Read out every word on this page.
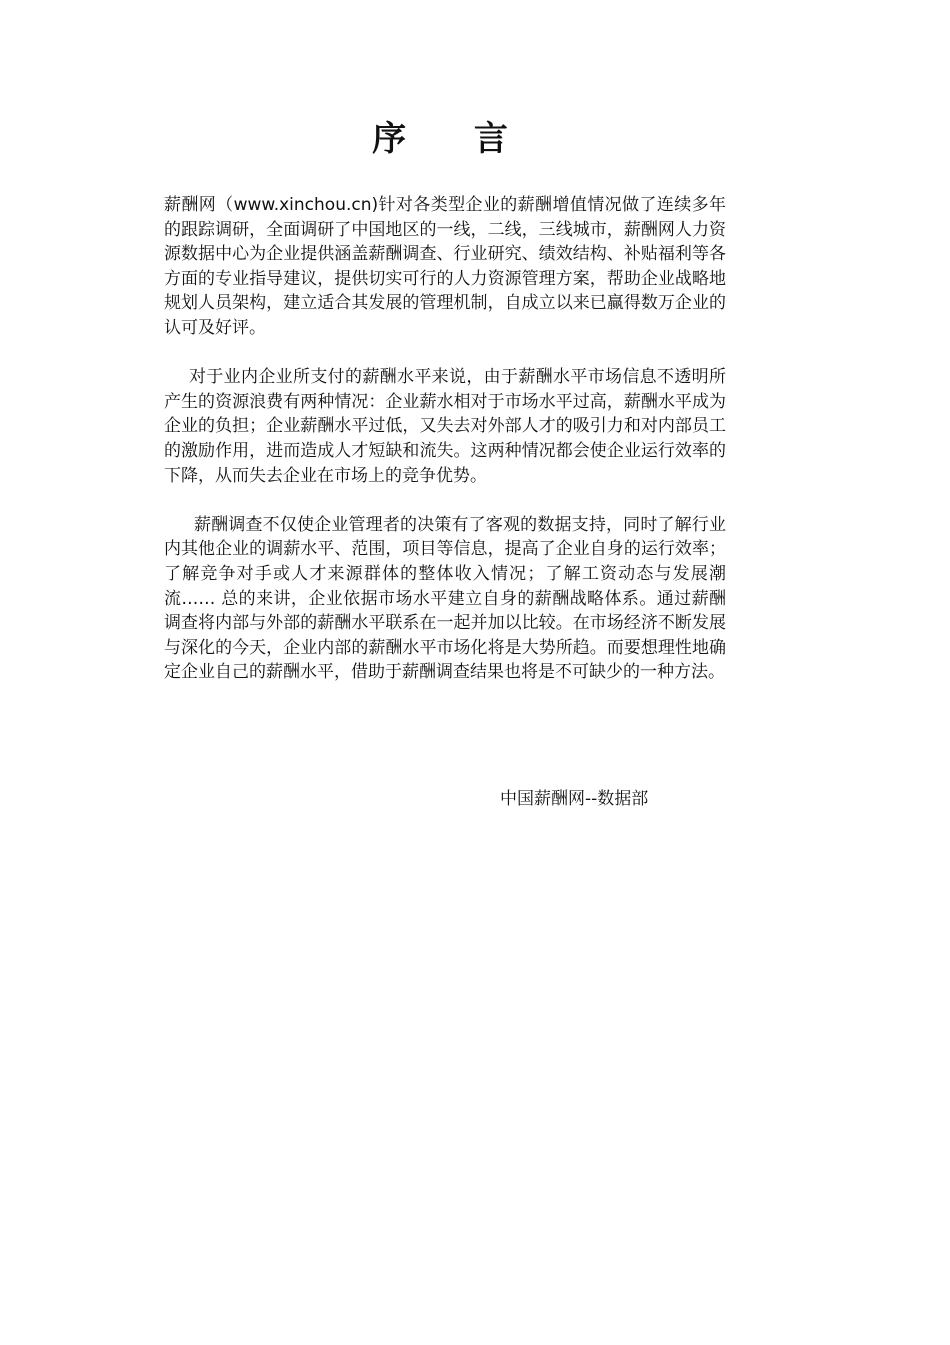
序 言

薪酬网（www.xinchou.cn)针对各类型企业的薪酬增值情况做了连续多年的跟踪调研，全面调研了中国地区的一线，二线，三线城市，薪酬网人力资源数据中心为企业提供涵盖薪酬调查、行业研究、绩效结构、补贴福利等各方面的专业指导建议，提供切实可行的人力资源管理方案，帮助企业战略地规划人员架构，建立适合其发展的管理机制，自成立以来已赢得数万企业的认可及好评。

对于业内企业所支付的薪酬水平来说，由于薪酬水平市场信息不透明所产生的资源浪费有两种情况：企业薪水相对于市场水平过高，薪酬水平成为企业的负担；企业薪酬水平过低，又失去对外部人才的吸引力和对内部员工的激励作用，进而造成人才短缺和流失。这两种情况都会使企业运行效率的下降，从而失去企业在市场上的竞争优势。

薪酬调查不仅使企业管理者的决策有了客观的数据支持，同时了解行业内其他企业的调薪水平、范围，项目等信息，提高了企业自身的运行效率；了解竞争对手或人才来源群体的整体收入情况；了解工资动态与发展潮流…… 总的来讲，企业依据市场水平建立自身的薪酬战略体系。通过薪酬调查将内部与外部的薪酬水平联系在一起并加以比较。在市场经济不断发展与深化的今天，企业内部的薪酬水平市场化将是大势所趋。而要想理性地确定企业自己的薪酬水平，借助于薪酬调查结果也将是不可缺少的一种方法。

中国薪酬网--数据部
